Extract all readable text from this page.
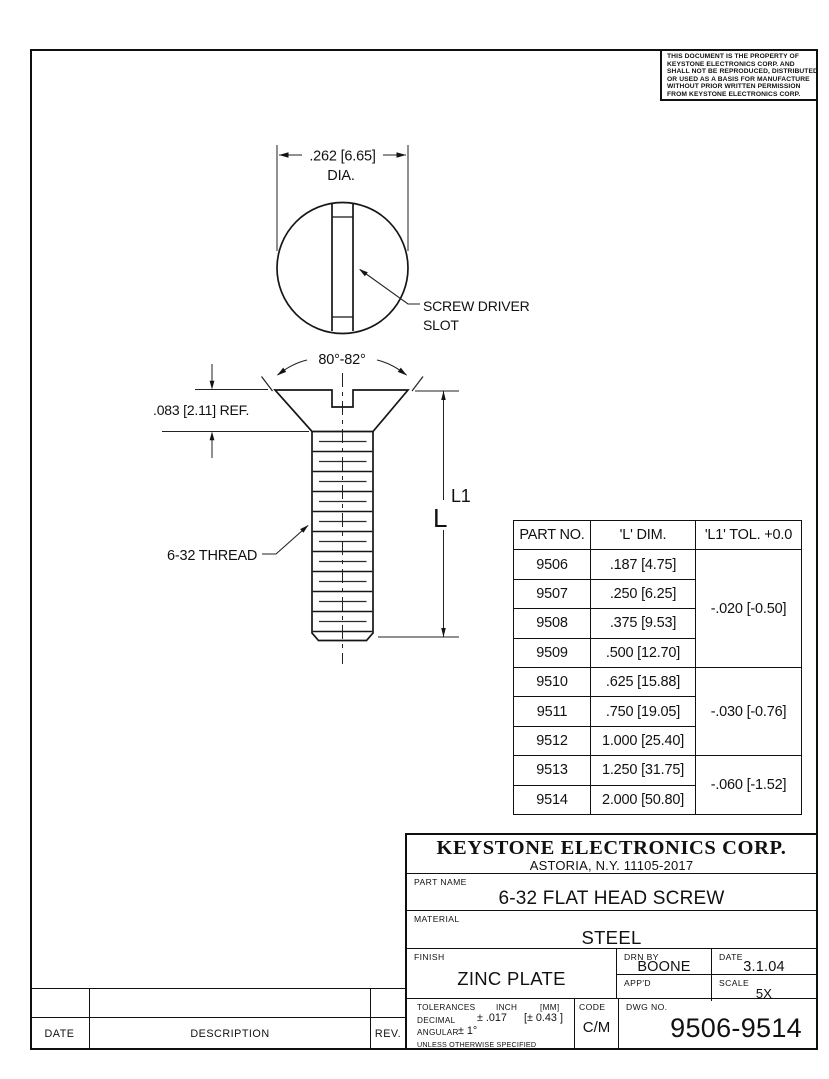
THIS DOCUMENT IS THE PROPERTY OF
KEYSTONE ELECTRONICS CORP. AND
SHALL NOT BE REPRODUCED, DISTRIBUTED
OR USED AS A BASIS FOR MANUFACTURE
WITHOUT PRIOR WRITTEN PERMISSION
FROM KEYSTONE ELECTRONICS CORP.
.262 [6.65]
DIA.
SCREW DRIVER
SLOT
80°-82°
.083 [2.11] REF.
6-32 THREAD
L1
L
PART NO.	'L' DIM.	'L1' TOL. +0.0
9506	.187 [4.75]	-.020 [-0.50]
9507	.250 [6.25]	
9508	.375 [9.53]	
9509	.500 [12.70]	
9510	.625 [15.88]	-.030 [-0.76]
9511	.750 [19.05]	
9512	1.000 [25.40]	
9513	1.250 [31.75]	-.060 [-1.52]
9514	2.000 [50.80]	
KEYSTONE ELECTRONICS CORP.
ASTORIA, N.Y. 11105-2017
PART NAME
6-32 FLAT HEAD SCREW
MATERIAL
STEEL
FINISH
ZINC PLATE
DRN BY
BOONE
DATE
3.1.04
APP'D	SCALE
5X
TOLERANCES	INCH	[MM]
DECIMAL ± .017 [± 0.43 ]
ANGULAR ± 1°
UNLESS OTHERWISE SPECIFIED
CODE
C/M
DWG NO.
9506-9514
DATE	DESCRIPTION	REV.
